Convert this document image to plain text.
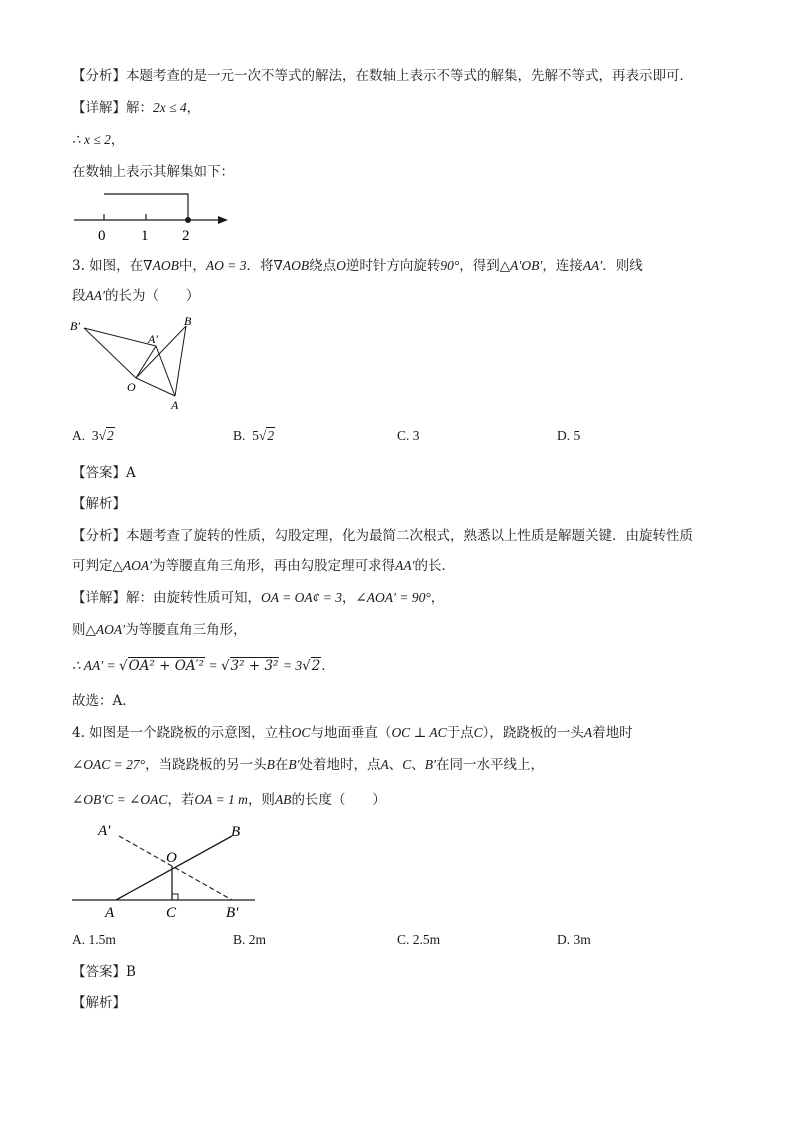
【分析】本题考查的是一元一次不等式的解法，在数轴上表示不等式的解集，先解不等式，再表示即可．
【详解】解：2x ≤ 4，
∴ x ≤ 2，
在数轴上表示其解集如下：
0 1 2
3. 如图，在∇AOB中，AO = 3．将∇AOB绕点O逆时针方向旋转90°，得到△A′OB′，连接AA′．则线
段AA′的长为（　　）
B′
A′
B
O
A
A. 3√2	B. 5√2	C. 3	D. 5
【答案】A
【解析】
【分析】本题考查了旋转的性质，勾股定理，化为最简二次根式，熟悉以上性质是解题关键．由旋转性质
可判定△AOA′为等腰直角三角形，再由勾股定理可求得AA′的长．
【详解】解：由旋转性质可知，OA = OA¢ = 3，∠AOA′ = 90°，
则△AOA′为等腰直角三角形，
∴ AA′ = √OA² + OA′² = √3² + 3² = 3√2．
故选：A．
4. 如图是一个跷跷板的示意图，立柱OC与地面垂直（OC ⊥ AC于点C），跷跷板的一头A着地时
∠OAC = 27°，当跷跷板的另一头B在B′处着地时，点A、C、B′在同一水平线上，
∠OB′C = ∠OAC，若OA = 1 m，则AB的长度（　　）
A′	B
O
A	C	B′
A. 1.5m	B. 2m	C. 2.5m	D. 3m
【答案】B
【解析】
